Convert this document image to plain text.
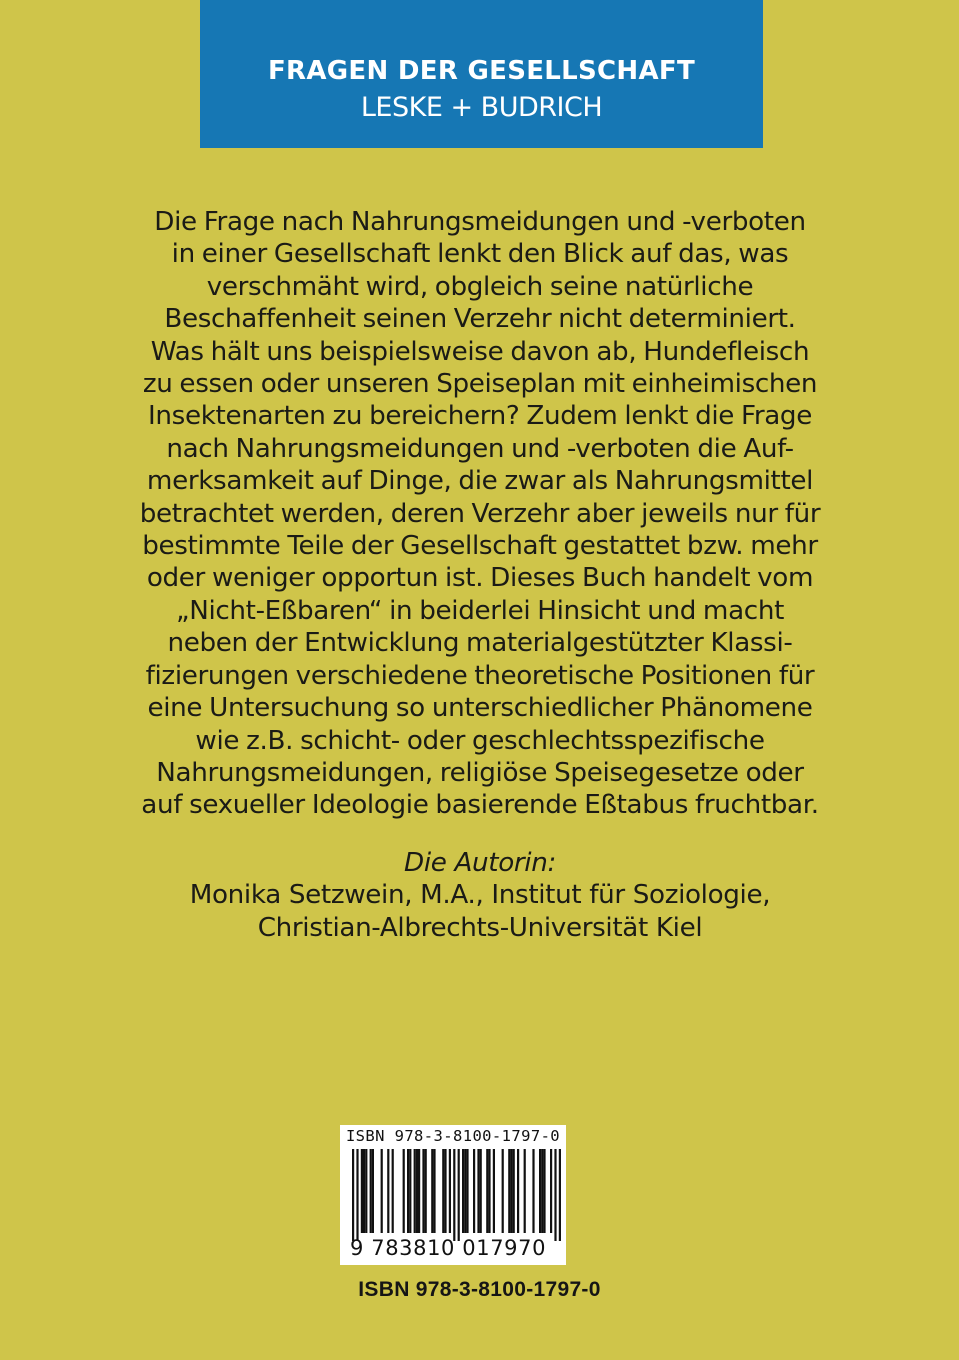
FRAGEN DER GESELLSCHAFT
LESKE + BUDRICH
Die Frage nach Nahrungsmeidungen und -verboten
in einer Gesellschaft lenkt den Blick auf das, was
verschmäht wird, obgleich seine natürliche
Beschaffenheit seinen Verzehr nicht determiniert.
Was hält uns beispielsweise davon ab, Hundefleisch
zu essen oder unseren Speiseplan mit einheimischen
Insektenarten zu bereichern? Zudem lenkt die Frage
nach Nahrungsmeidungen und -verboten die Auf-
merksamkeit auf Dinge, die zwar als Nahrungsmittel
betrachtet werden, deren Verzehr aber jeweils nur für
bestimmte Teile der Gesellschaft gestattet bzw. mehr
oder weniger opportun ist. Dieses Buch handelt vom
„Nicht-Eßbaren“ in beiderlei Hinsicht und macht
neben der Entwicklung materialgestützter Klassi-
fizierungen verschiedene theoretische Positionen für
eine Untersuchung so unterschiedlicher Phänomene
wie z.B. schicht- oder geschlechtsspezifische
Nahrungsmeidungen, religiöse Speisegesetze oder
auf sexueller Ideologie basierende Eßtabus fruchtbar.
Die Autorin:
Monika Setzwein, M.A., Institut für Soziologie,
Christian-Albrechts-Universität Kiel
ISBN 978-3-8100-1797-0
9 783810 017970
ISBN 978-3-8100-1797-0
